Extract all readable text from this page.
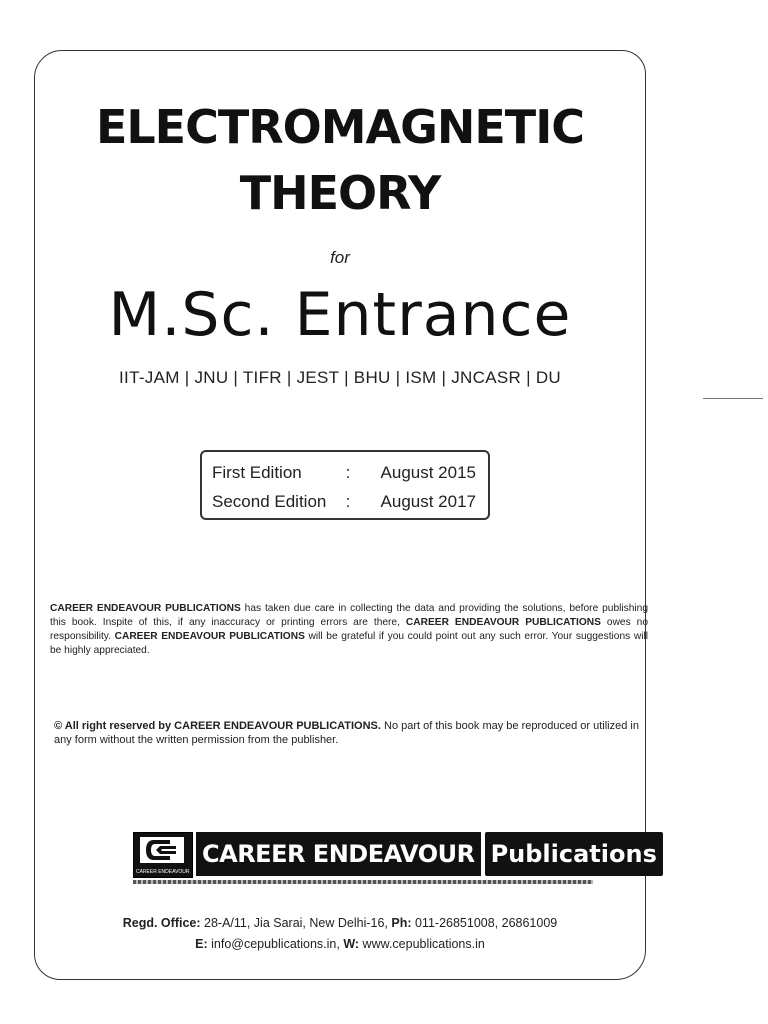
ELECTROMAGNETIC
THEORY
for
M.Sc. Entrance
IIT-JAM | JNU | TIFR | JEST | BHU | ISM | JNCASR | DU
First Edition	:	August 2015
Second Edition	:	August 2017
CAREER ENDEAVOUR PUBLICATIONS has taken due care in collecting the data and providing the solutions, before publishing this book. Inspite of this, if any inaccuracy or printing errors are there, CAREER ENDEAVOUR PUBLICATIONS owes no responsibility. CAREER ENDEAVOUR PUBLICATIONS will be grateful if you could point out any such error. Your suggestions will be highly appreciated.
© All right reserved by CAREER ENDEAVOUR PUBLICATIONS. No part of this book may be reproduced or utilized in any form without the written permission from the publisher.
CAREER ENDEAVOUR
CAREER ENDEAVOUR Publications
Regd. Office: 28-A/11, Jia Sarai, New Delhi-16, Ph: 011-26851008, 26861009
E: info@cepublications.in, W: www.cepublications.in
